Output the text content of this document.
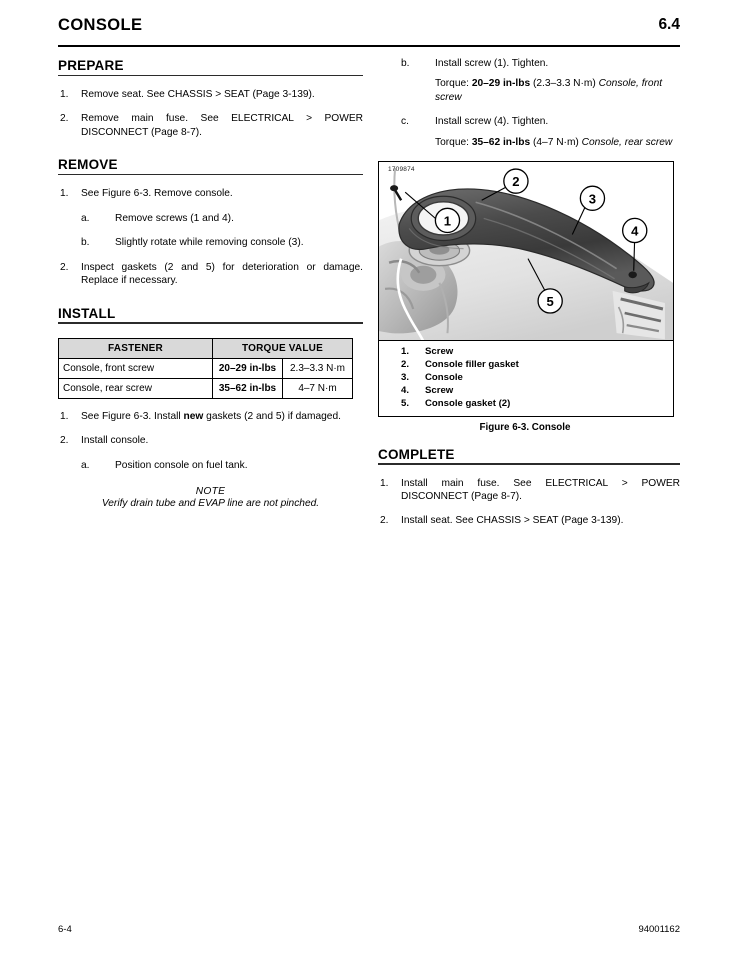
CONSOLE	6.4
PREPARE
1.	Remove seat. See CHASSIS > SEAT (Page 3-139).
2.	Remove main fuse. See ELECTRICAL > POWER DISCONNECT (Page 8-7).
REMOVE
1.	See Figure 6-3. Remove console.
a.	Remove screws (1 and 4).
b.	Slightly rotate while removing console (3).
2.	Inspect gaskets (2 and 5) for deterioration or damage. Replace if necessary.
INSTALL
FASTENER	TORQUE VALUE	
Console, front screw	20–29 in-lbs	2.3–3.3 N·m
Console, rear screw	35–62 in-lbs	4–7 N·m
1.	See Figure 6-3. Install new gaskets (2 and 5) if damaged.
2.	Install console.
a.	Position console on fuel tank.
NOTE
Verify drain tube and EVAP line are not pinched.
b.	Install screw (1). Tighten.
Torque: 20–29 in-lbs (2.3–3.3 N·m) Console, front screw
c.	Install screw (4). Tighten.
Torque: 35–62 in-lbs (4–7 N·m) Console, rear screw
1709874
1
2
3
4
5
1.	Screw
2.	Console filler gasket
3.	Console
4.	Screw
5.	Console gasket (2)
Figure 6-3. Console
COMPLETE
1.	Install main fuse. See ELECTRICAL > POWER DISCONNECT (Page 8-7).
2.	Install seat. See CHASSIS > SEAT (Page 3-139).
6-4	94001162
